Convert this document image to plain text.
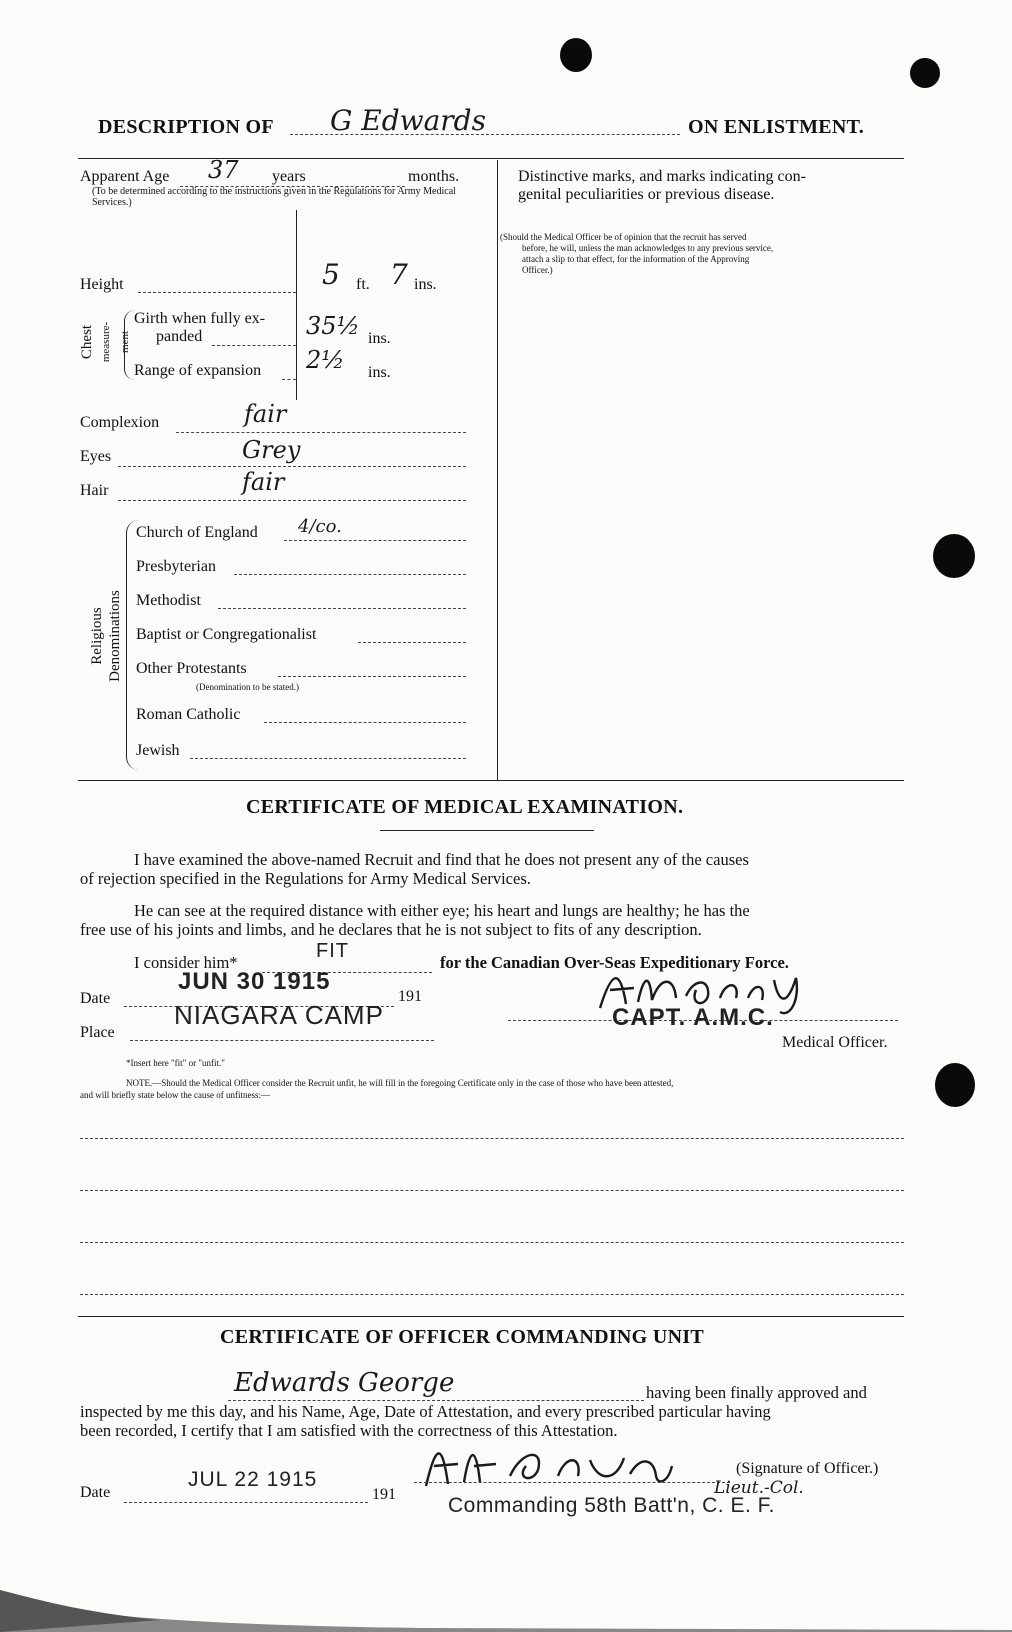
DESCRIPTION OF G Edwards	ON ENLISTMENT.
Apparent Age 37 years	months.
(To be determined according to the instructions given in the Regulations for Army Medical Services.)
Height	5 ft. 7 ins.
Chest measure-ment
Girth when fully ex-
panded	35½ ins.
Range of expansion 2½ ins.
Complexion	fair
Eyes	Grey
Hair	fair
Religious Denominations
Church of England 4/co.
Presbyterian
Methodist
Baptist or Congregationalist
Other Protestants
(Denomination to be stated.)
Roman Catholic
Jewish
Distinctive marks, and marks indicating con-
genital peculiarities or previous disease.
(Should the Medical Officer be of opinion that the recruit has served
before, he will, unless the man acknowledges to any previous service,
attach a slip to that effect, for the information of the Approving
Officer.)
CERTIFICATE OF MEDICAL EXAMINATION.
I have examined the above-named Recruit and find that he does not present any of the causes
of rejection specified in the Regulations for Army Medical Services.
He can see at the required distance with either eye; his heart and lungs are healthy; he has the
free use of his joints and limbs, and he declares that he is not subject to fits of any description.
I consider him*
FIT
for the Canadian Over-Seas Expeditionary Force.
Date
JUN 30 1915
191
Place
NIAGARA CAMP	CAPT. A.M.C.
Medical Officer.
*Insert here "fit" or "unfit."
NOTE.—Should the Medical Officer consider the Recruit unfit, he will fill in the foregoing Certificate only in the case of those who have been attested,
and will briefly state below the cause of unfitness:—
CERTIFICATE OF OFFICER COMMANDING UNIT
Edwards George	having been finally approved and
inspected by me this day, and his Name, Age, Date of Attestation, and every prescribed particular having
been recorded, I certify that I am satisfied with the correctness of this Attestation.
(Signature of Officer.)
Lieut.-Col.
Date
JUL 22 1915
191 Commanding 58th Batt'n, C. E. F.
